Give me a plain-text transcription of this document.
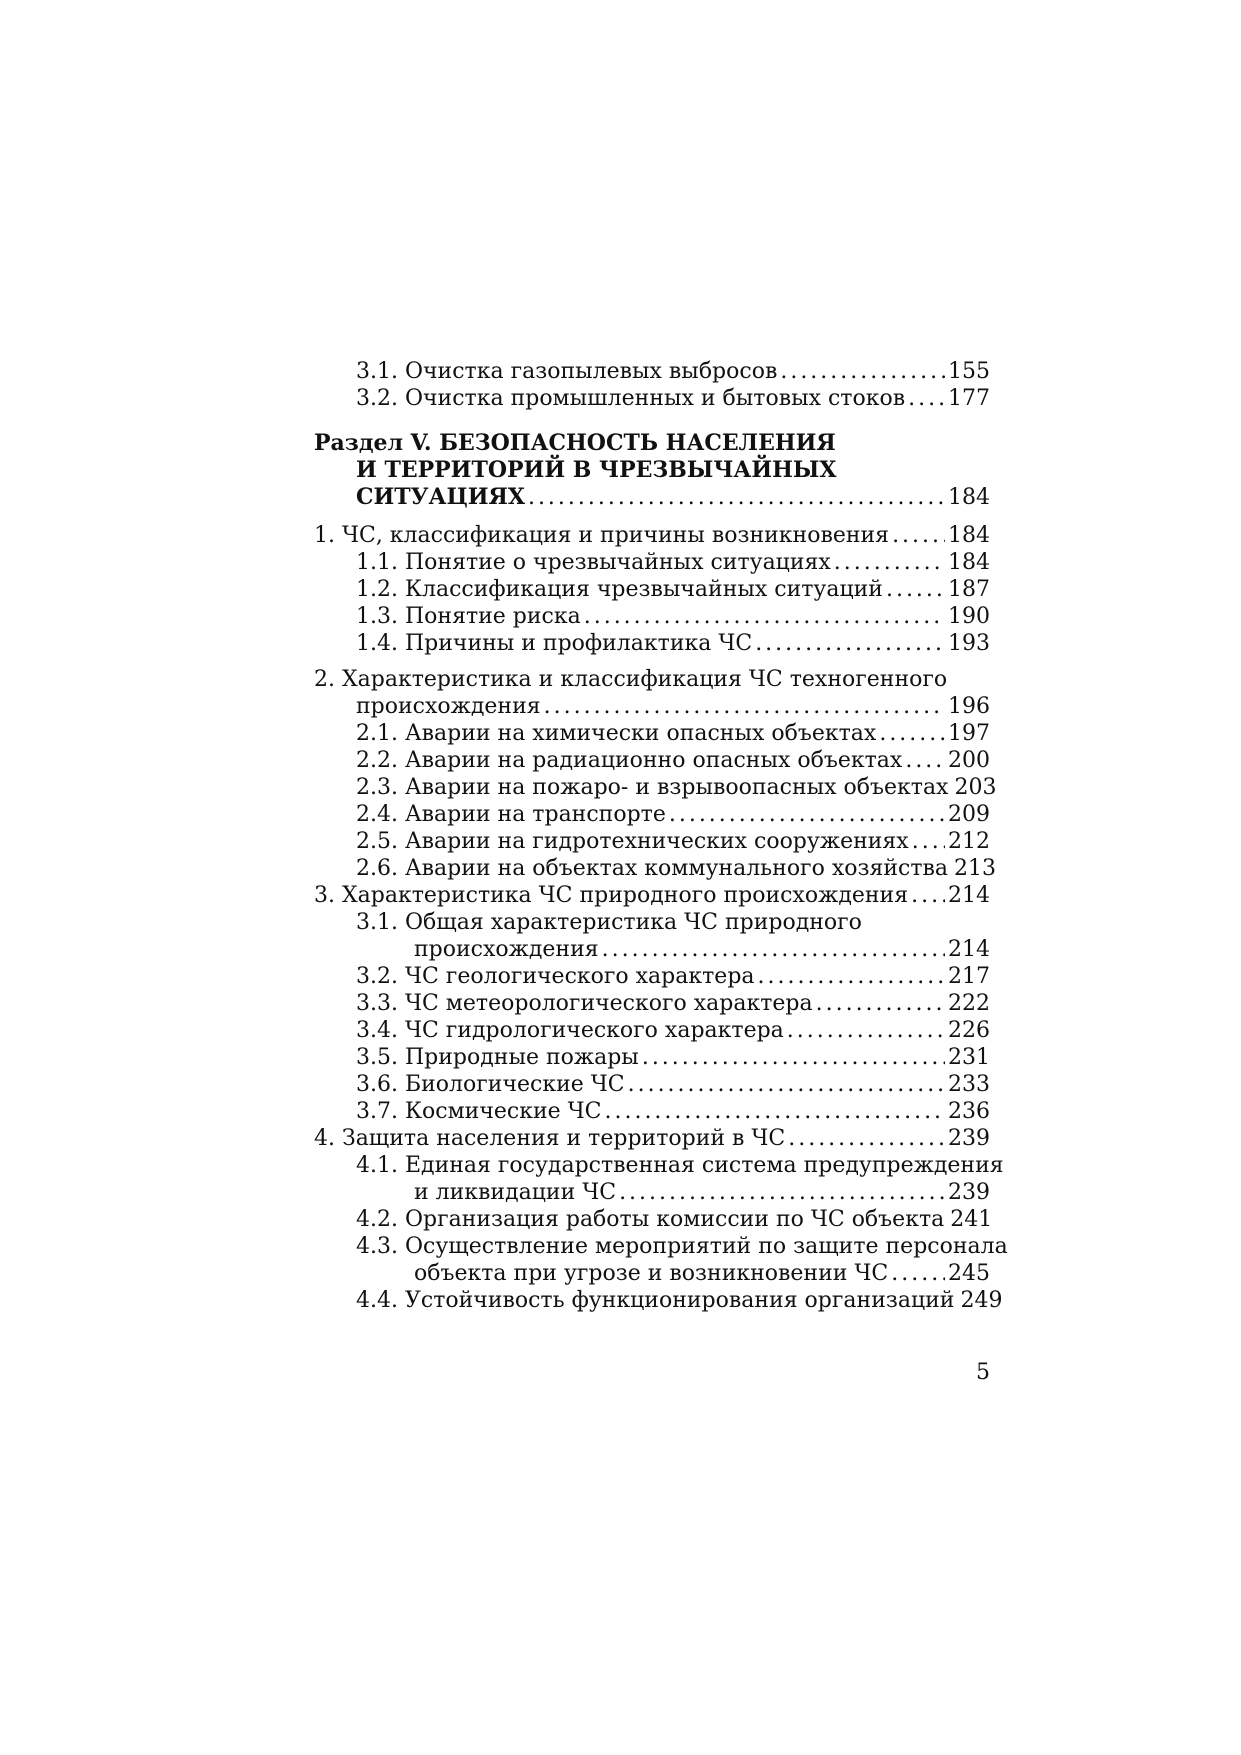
3.1. Очистка газопылевых выбросов . . .	155
3.2. Очистка промышленных и бытовых стоков . . . 177
Раздел V. БЕЗОПАСНОСТЬ НАСЕЛЕНИЯ
И ТЕРРИТОРИЙ В ЧРЕЗВЫЧАЙНЫХ
СИТУАЦИЯХ . . .	184
1. ЧС, классификация и причины возникновения . . .	184
1.1. Понятие о чрезвычайных ситуациях . . .	184
1.2. Классификация чрезвычайных ситуаций . . .	187
1.3. Понятие риска . . .	190
1.4. Причины и профилактика ЧС . . .	193
2. Характеристика и классификация ЧС техногенного
происхождения . . .	196
2.1. Аварии на химически опасных объектах . . .	197
2.2. Аварии на радиационно опасных объектах . . . 200
2.3. Аварии на пожаро- и взрывоопасных объектах 203
2.4. Аварии на транспорте . . .	209
2.5. Аварии на гидротехнических сооружениях . . . 212
2.6. Аварии на объектах коммунального хозяйства 213
3. Характеристика ЧС природного происхождения . . . 214
3.1. Общая характеристика ЧС природного
происхождения . . .	214
3.2. ЧС геологического характера . . .	217
3.3. ЧС метеорологического характера . . .	222
3.4. ЧС гидрологического характера . . .	226
3.5. Природные пожары . . .	231
3.6. Биологические ЧС . . .	233
3.7. Космические ЧС . . .	236
4. Защита населения и территорий в ЧС . . .	239
4.1. Единая государственная система предупреждения
и ликвидации ЧС . . .	239
4.2. Организация работы комиссии по ЧС объекта 241
4.3. Осуществление мероприятий по защите персонала
объекта при угрозе и возникновении ЧС . . .	245
4.4. Устойчивость функционирования организаций 249
5
